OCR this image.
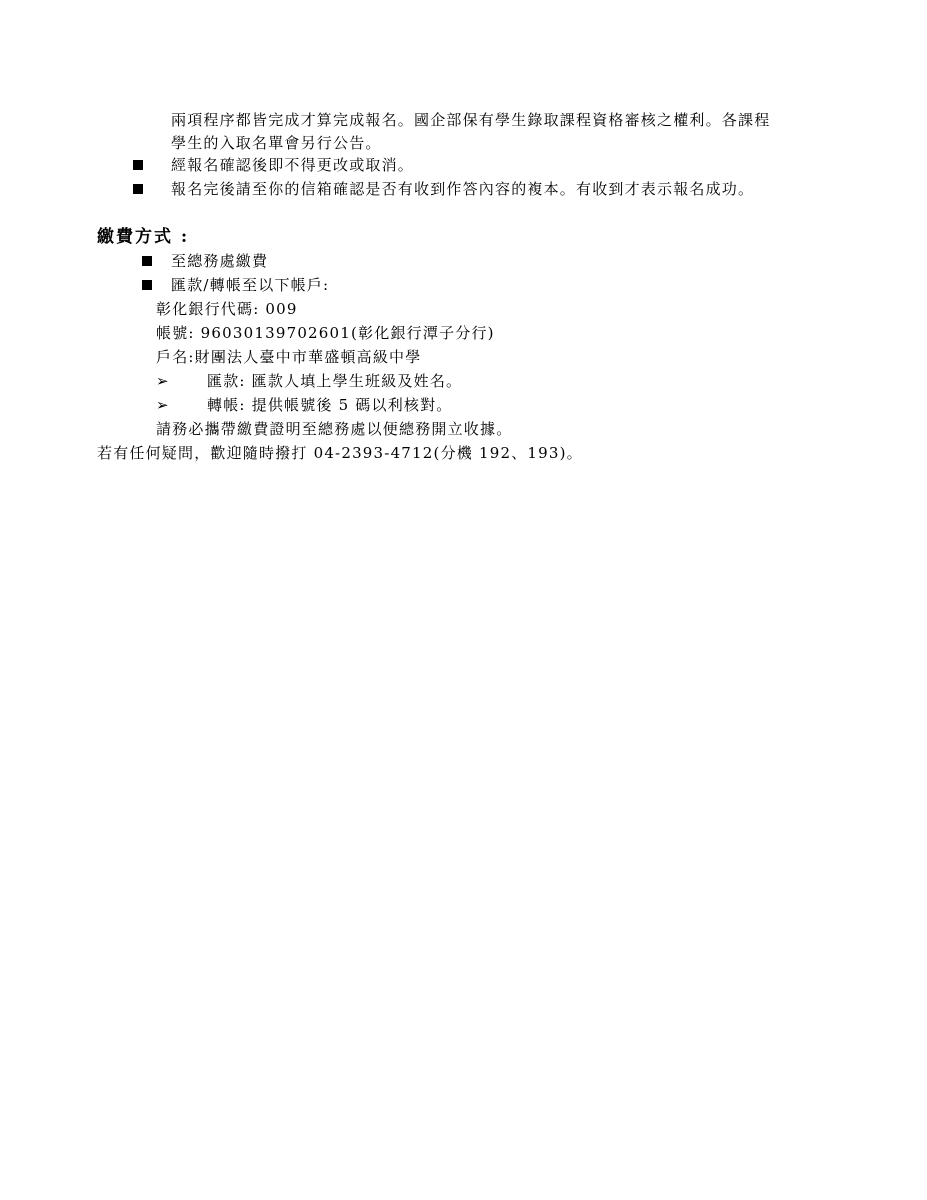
兩項程序都皆完成才算完成報名。國企部保有學生錄取課程資格審核之權利。各課程
學生的入取名單會另行公告。
經報名確認後即不得更改或取消。
報名完後請至你的信箱確認是否有收到作答內容的複本。有收到才表示報名成功。
繳費方式 :
至總務處繳費
匯款/轉帳至以下帳戶:
彰化銀行代碼: 009
帳號: 96030139702601(彰化銀行潭子分行)
戶名:財團法人臺中市華盛頓高級中學
➢	匯款: 匯款人填上學生班級及姓名。
➢	轉帳: 提供帳號後 5 碼以利核對。
請務必攜帶繳費證明至總務處以便總務開立收據。
若有任何疑問，歡迎隨時撥打 04-2393-4712(分機 192、193)。
